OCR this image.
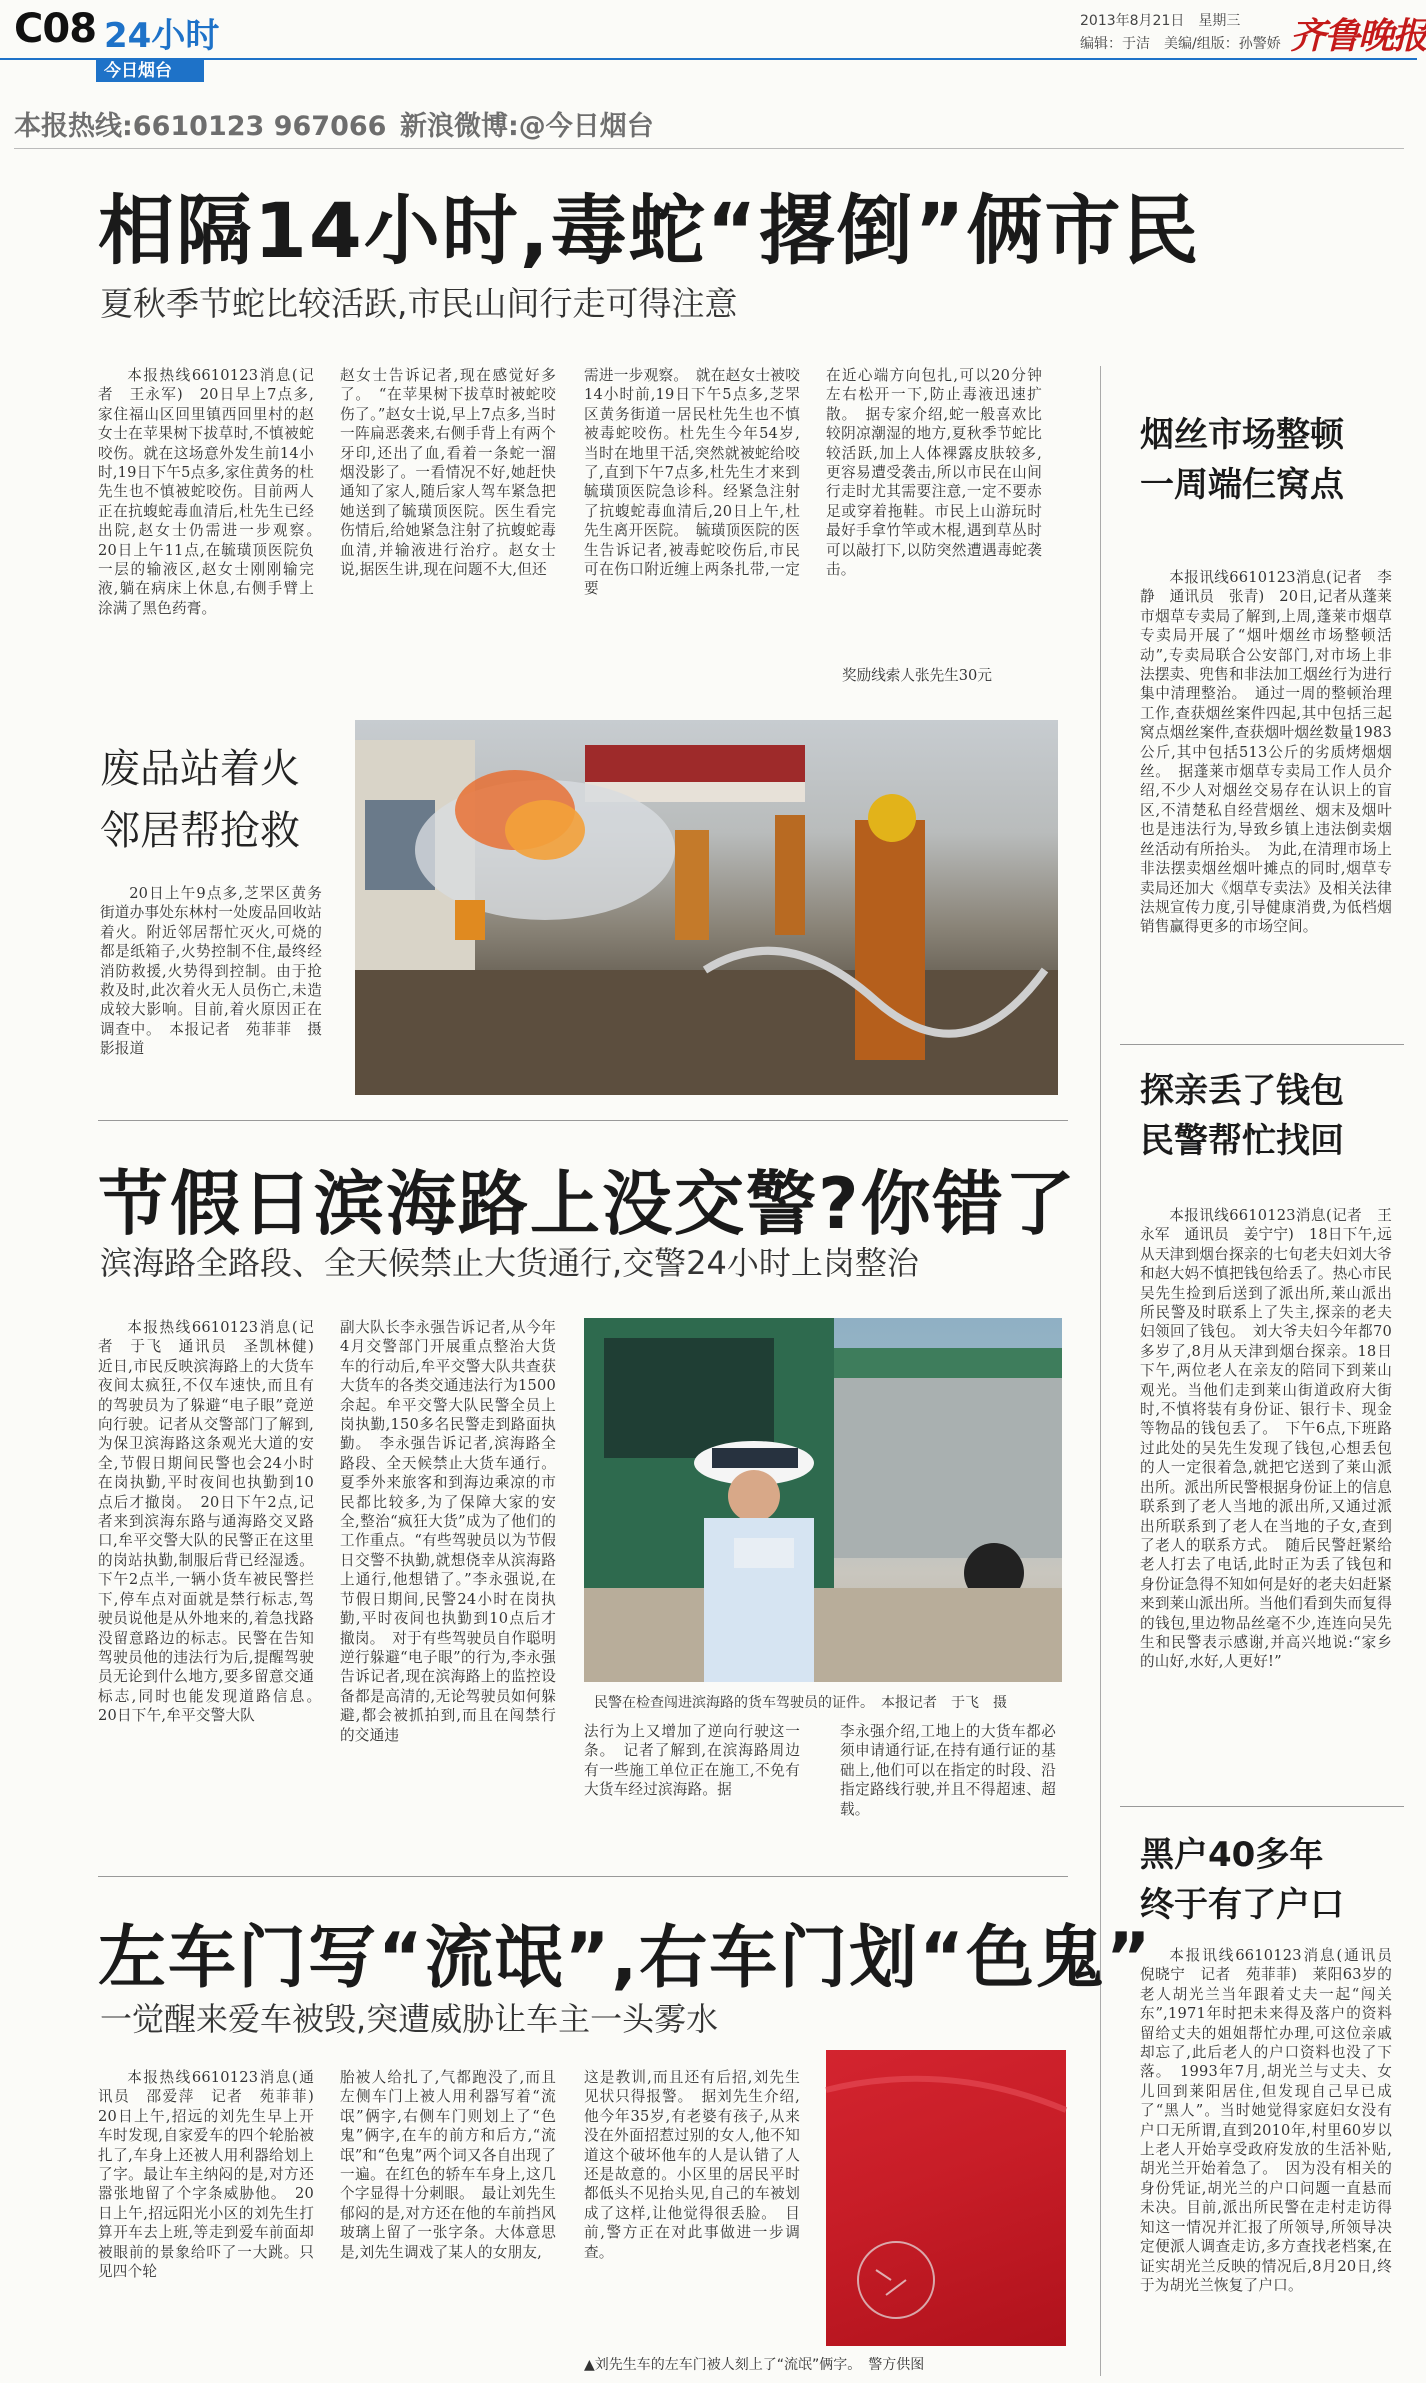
C08 24小时
今日烟台
2013年8月21日　星期三
编辑：于洁　美编/组版：孙警娇 齐鲁晚报
本报热线:6610123 967066 新浪微博:@今日烟台
相隔14小时,毒蛇“撂倒”俩市民
夏秋季节蛇比较活跃,市民山间行走可得注意

本报热线6610123消息(记者　王永军)　20日早上7点多,家住福山区回里镇西回里村的赵女士在苹果树下拔草时,不慎被蛇咬伤。就在这场意外发生前14小时,19日下午5点多,家住黄务的杜先生也不慎被蛇咬伤。目前两人正在抗蝮蛇毒血清后,杜先生已经出院,赵女士仍需进一步观察。　20日上午11点,在毓璜顶医院负一层的输液区,赵女士刚刚输完液,躺在病床上休息,右侧手臂上涂满了黑色药膏。

赵女士告诉记者,现在感觉好多了。　“在苹果树下拔草时被蛇咬伤了。”赵女士说,早上7点多,当时一阵扁恶袭来,右侧手背上有两个牙印,还出了血,看着一条蛇一溜烟没影了。一看情况不好,她赶快通知了家人,随后家人驾车紧急把她送到了毓璜顶医院。医生看完伤情后,给她紧急注射了抗蝮蛇毒血清,并输液进行治疗。赵女士说,据医生讲,现在问题不大,但还

需进一步观察。　就在赵女士被咬14小时前,19日下午5点多,芝罘区黄务街道一居民杜先生也不慎被毒蛇咬伤。杜先生今年54岁,当时在地里干活,突然就被蛇给咬了,直到下午7点多,杜先生才来到毓璜顶医院急诊科。经紧急注射了抗蝮蛇毒血清后,20日上午,杜先生离开医院。　毓璜顶医院的医生告诉记者,被毒蛇咬伤后,市民可在伤口附近缠上两条扎带,一定要

在近心端方向包扎,可以20分钟左右松开一下,防止毒液迅速扩散。　据专家介绍,蛇一般喜欢比较阴凉潮湿的地方,夏秋季节蛇比较活跃,加上人体裸露皮肤较多,更容易遭受袭击,所以市民在山间行走时尤其需要注意,一定不要赤足或穿着拖鞋。市民上山游玩时最好手拿竹竿或木棍,遇到草丛时可以敲打下,以防突然遭遇毒蛇袭击。

奖励线索人张先生30元
烟丝市场整顿
一周端仨窝点

本报讯线6610123消息(记者　李静　通讯员　张青)　20日,记者从蓬莱市烟草专卖局了解到,上周,蓬莱市烟草专卖局开展了“烟叶烟丝市场整顿活动”,专卖局联合公安部门,对市场上非法摆卖、兜售和非法加工烟丝行为进行集中清理整治。　通过一周的整顿治理工作,查获烟丝案件四起,其中包括三起窝点烟丝案件,查获烟叶烟丝数量1983公斤,其中包括513公斤的劣质烤烟烟丝。　据蓬莱市烟草专卖局工作人员介绍,不少人对烟丝交易存在认识上的盲区,不清楚私自经营烟丝、烟末及烟叶也是违法行为,导致乡镇上违法倒卖烟丝活动有所抬头。　为此,在清理市场上非法摆卖烟丝烟叶摊点的同时,烟草专卖局还加大《烟草专卖法》及相关法律法规宣传力度,引导健康消费,为低档烟销售赢得更多的市场空间。

探亲丢了钱包
民警帮忙找回

本报讯线6610123消息(记者　王永军　通讯员　姜宁宁)　18日下午,远从天津到烟台探亲的七旬老夫妇刘大爷和赵大妈不慎把钱包给丢了。热心市民吴先生捡到后送到了派出所,莱山派出所民警及时联系上了失主,探亲的老夫妇领回了钱包。　刘大爷夫妇今年都70多岁了,8月从天津到烟台探亲。18日下午,两位老人在亲友的陪同下到莱山观光。当他们走到莱山街道政府大街时,不慎将装有身份证、银行卡、现金等物品的钱包丢了。　下午6点,下班路过此处的吴先生发现了钱包,心想丢包的人一定很着急,就把它送到了莱山派出所。派出所民警根据身份证上的信息联系到了老人当地的派出所,又通过派出所联系到了老人在当地的子女,查到了老人的联系方式。　随后民警赶紧给老人打去了电话,此时正为丢了钱包和身份证急得不知如何是好的老夫妇赶紧来到莱山派出所。当他们看到失而复得的钱包,里边物品丝毫不少,连连向吴先生和民警表示感谢,并高兴地说:“家乡的山好,水好,人更好!”

黑户40多年
终于有了户口

本报讯线6610123消息(通讯员　倪晓宁　记者　苑菲菲)　莱阳63岁的老人胡光兰当年跟着丈夫一起“闯关东”,1971年时把未来得及落户的资料留给丈夫的姐姐帮忙办理,可这位亲戚却忘了,此后老人的户口资料也没了下落。　1993年7月,胡光兰与丈夫、女儿回到莱阳居住,但发现自己早已成了“黑人”。当时她觉得家庭妇女没有户口无所谓,直到2010年,村里60岁以上老人开始享受政府发放的生活补贴,胡光兰开始着急了。　因为没有相关的身份凭证,胡光兰的户口问题一直悬而未决。目前,派出所民警在走村走访得知这一情况并汇报了所领导,所领导决定便派人调查走访,多方查找老档案,在证实胡光兰反映的情况后,8月20日,终于为胡光兰恢复了户口。

废品站着火
邻居帮抢救

20日上午9点多,芝罘区黄务街道办事处东林村一处废品回收站着火。附近邻居帮忙灭火,可烧的都是纸箱子,火势控制不住,最终经消防救援,火势得到控制。由于抢救及时,此次着火无人员伤亡,未造成较大影响。目前,着火原因正在调查中。　本报记者　苑菲菲　摄影报道

节假日滨海路上没交警?你错了
滨海路全路段、全天候禁止大货通行,交警24小时上岗整治

本报热线6610123消息(记者　于飞　通讯员　圣凯林健)　近日,市民反映滨海路上的大货车夜间太疯狂,不仅车速快,而且有的驾驶员为了躲避“电子眼”竟逆向行驶。记者从交警部门了解到,为保卫滨海路这条观光大道的安全,节假日期间民警也会24小时在岗执勤,平时夜间也执勤到10点后才撤岗。　20日下午2点,记者来到滨海东路与通海路交叉路口,牟平交警大队的民警正在这里的岗站执勤,制服后背已经湿透。下午2点半,一辆小货车被民警拦下,停车点对面就是禁行标志,驾驶员说他是从外地来的,着急找路没留意路边的标志。民警在告知驾驶员他的违法行为后,提醒驾驶员无论到什么地方,要多留意交通标志,同时也能发现道路信息。　20日下午,牟平交警大队

副大队长李永强告诉记者,从今年4月交警部门开展重点整治大货车的行动后,牟平交警大队共查获大货车的各类交通违法行为1500余起。牟平交警大队民警全员上岗执勤,150多名民警走到路面执勤。　李永强告诉记者,滨海路全路段、全天候禁止大货车通行。夏季外来旅客和到海边乘凉的市民都比较多,为了保障大家的安全,整治“疯狂大货”成为了他们的工作重点。“有些驾驶员以为节假日交警不执勤,就想侥幸从滨海路上通行,他想错了。”李永强说,在节假日期间,民警24小时在岗执勤,平时夜间也执勤到10点后才撤岗。　对于有些驾驶员自作聪明逆行躲避“电子眼”的行为,李永强告诉记者,现在滨海路上的监控设备都是高清的,无论驾驶员如何躲避,都会被抓拍到,而且在闯禁行的交通违

民警在检查闯进滨海路的货车驾驶员的证件。　本报记者　于飞　摄

法行为上又增加了逆向行驶这一条。　记者了解到,在滨海路周边有一些施工单位正在施工,不免有大货车经过滨海路。据

李永强介绍,工地上的大货车都必须申请通行证,在持有通行证的基础上,他们可以在指定的时段、沿指定路线行驶,并且不得超速、超载。

左车门写“流氓”,右车门划“色鬼”
一觉醒来爱车被毁,突遭威胁让车主一头雾水

本报热线6610123消息(通讯员　邵爱萍　记者　苑菲菲)　20日上午,招远的刘先生早上开车时发现,自家爱车的四个轮胎被扎了,车身上还被人用利器给划上了字。最让车主纳闷的是,对方还嚣张地留了个字条威胁他。　20日上午,招远阳光小区的刘先生打算开车去上班,等走到爱车前面却被眼前的景象给吓了一大跳。只见四个轮

胎被人给扎了,气都跑没了,而且左侧车门上被人用利器写着“流氓”俩字,右侧车门则划上了“色鬼”俩字,在车的前方和后方,“流氓”和“色鬼”两个词又各自出现了一遍。在红色的轿车车身上,这几个字显得十分刺眼。　最让刘先生郁闷的是,对方还在他的车前挡风玻璃上留了一张字条。大体意思是,刘先生调戏了某人的女朋友,

这是教训,而且还有后招,刘先生见状只得报警。　据刘先生介绍,他今年35岁,有老婆有孩子,从来没在外面招惹过别的女人,他不知道这个破坏他车的人是认错了人还是故意的。小区里的居民平时都低头不见抬头见,自己的车被划成了这样,让他觉得很丢脸。　目前,警方正在对此事做进一步调查。

▲刘先生车的左车门被人刻上了“流氓”俩字。　警方供图
